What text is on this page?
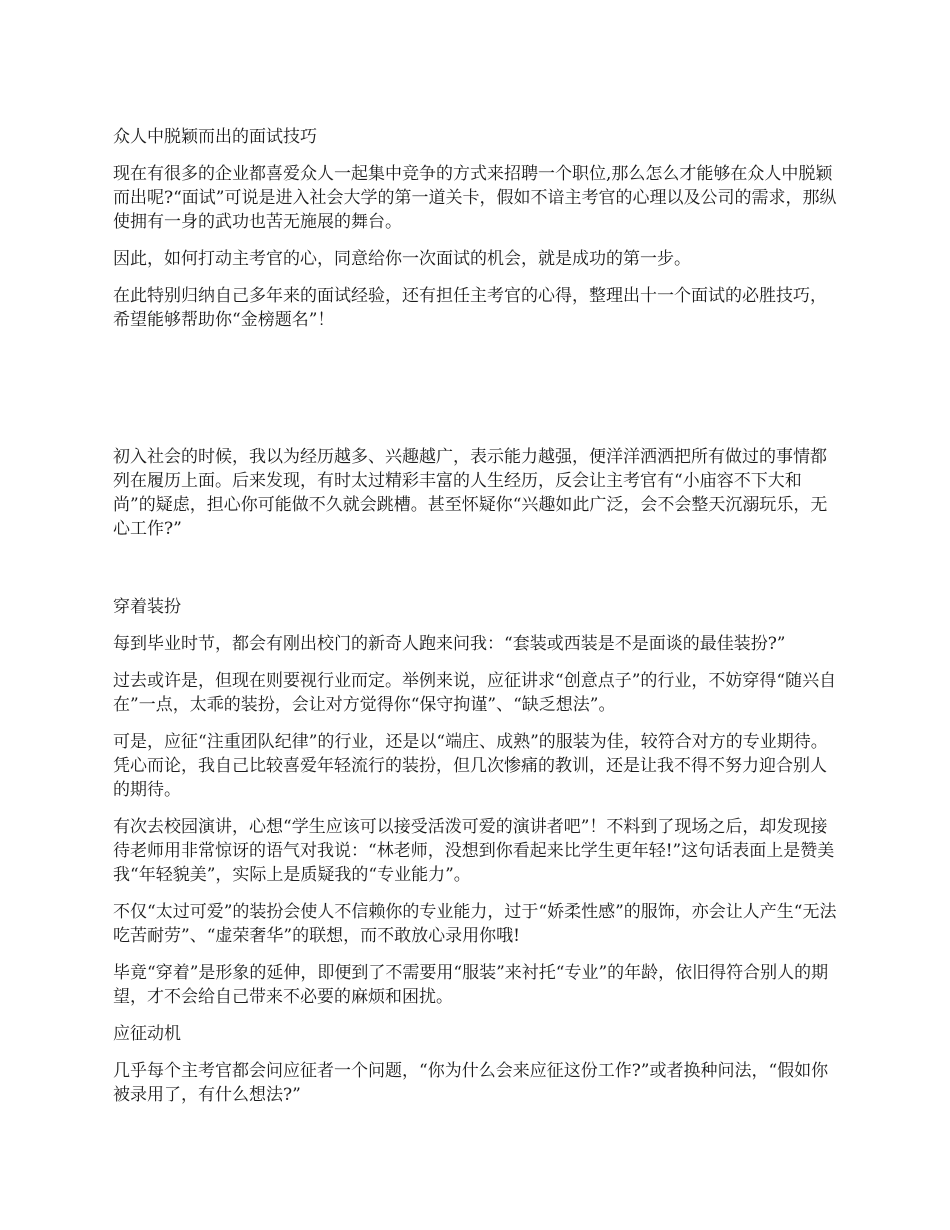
众人中脱颖而出的面试技巧

现在有很多的企业都喜爱众人一起集中竞争的方式来招聘一个职位,那么怎么才能够在众人中脱颖而出呢?“面试”可说是进入社会大学的第一道关卡，假如不谙主考官的心理以及公司的需求，那纵使拥有一身的武功也苦无施展的舞台。

因此，如何打动主考官的心，同意给你一次面试的机会，就是成功的第一步。

在此特别归纳自己多年来的面试经验，还有担任主考官的心得，整理出十一个面试的必胜技巧，希望能够帮助你“金榜题名”！

初入社会的时候，我以为经历越多、兴趣越广，表示能力越强，便洋洋洒洒把所有做过的事情都列在履历上面。后来发现，有时太过精彩丰富的人生经历，反会让主考官有“小庙容不下大和尚”的疑虑，担心你可能做不久就会跳槽。甚至怀疑你“兴趣如此广泛，会不会整天沉溺玩乐，无心工作?”

穿着装扮

每到毕业时节，都会有刚出校门的新奇人跑来问我：“套装或西装是不是面谈的最佳装扮?”

过去或许是，但现在则要视行业而定。举例来说，应征讲求“创意点子”的行业，不妨穿得“随兴自在”一点，太乖的装扮，会让对方觉得你“保守拘谨”、“缺乏想法”。

可是，应征“注重团队纪律”的行业，还是以“端庄、成熟”的服装为佳，较符合对方的专业期待。凭心而论，我自己比较喜爱年轻流行的装扮，但几次惨痛的教训，还是让我不得不努力迎合别人的期待。

有次去校园演讲，心想“学生应该可以接受活泼可爱的演讲者吧”！不料到了现场之后，却发现接待老师用非常惊讶的语气对我说：“林老师，没想到你看起来比学生更年轻!”这句话表面上是赞美我“年轻貌美”，实际上是质疑我的“专业能力”。

不仅“太过可爱”的装扮会使人不信赖你的专业能力，过于“娇柔性感”的服饰，亦会让人产生“无法吃苦耐劳”、“虚荣奢华”的联想，而不敢放心录用你哦!

毕竟“穿着”是形象的延伸，即便到了不需要用“服装”来衬托“专业”的年龄，依旧得符合别人的期望，才不会给自己带来不必要的麻烦和困扰。

应征动机

几乎每个主考官都会问应征者一个问题，“你为什么会来应征这份工作?”或者换种问法，“假如你被录用了，有什么想法?”
